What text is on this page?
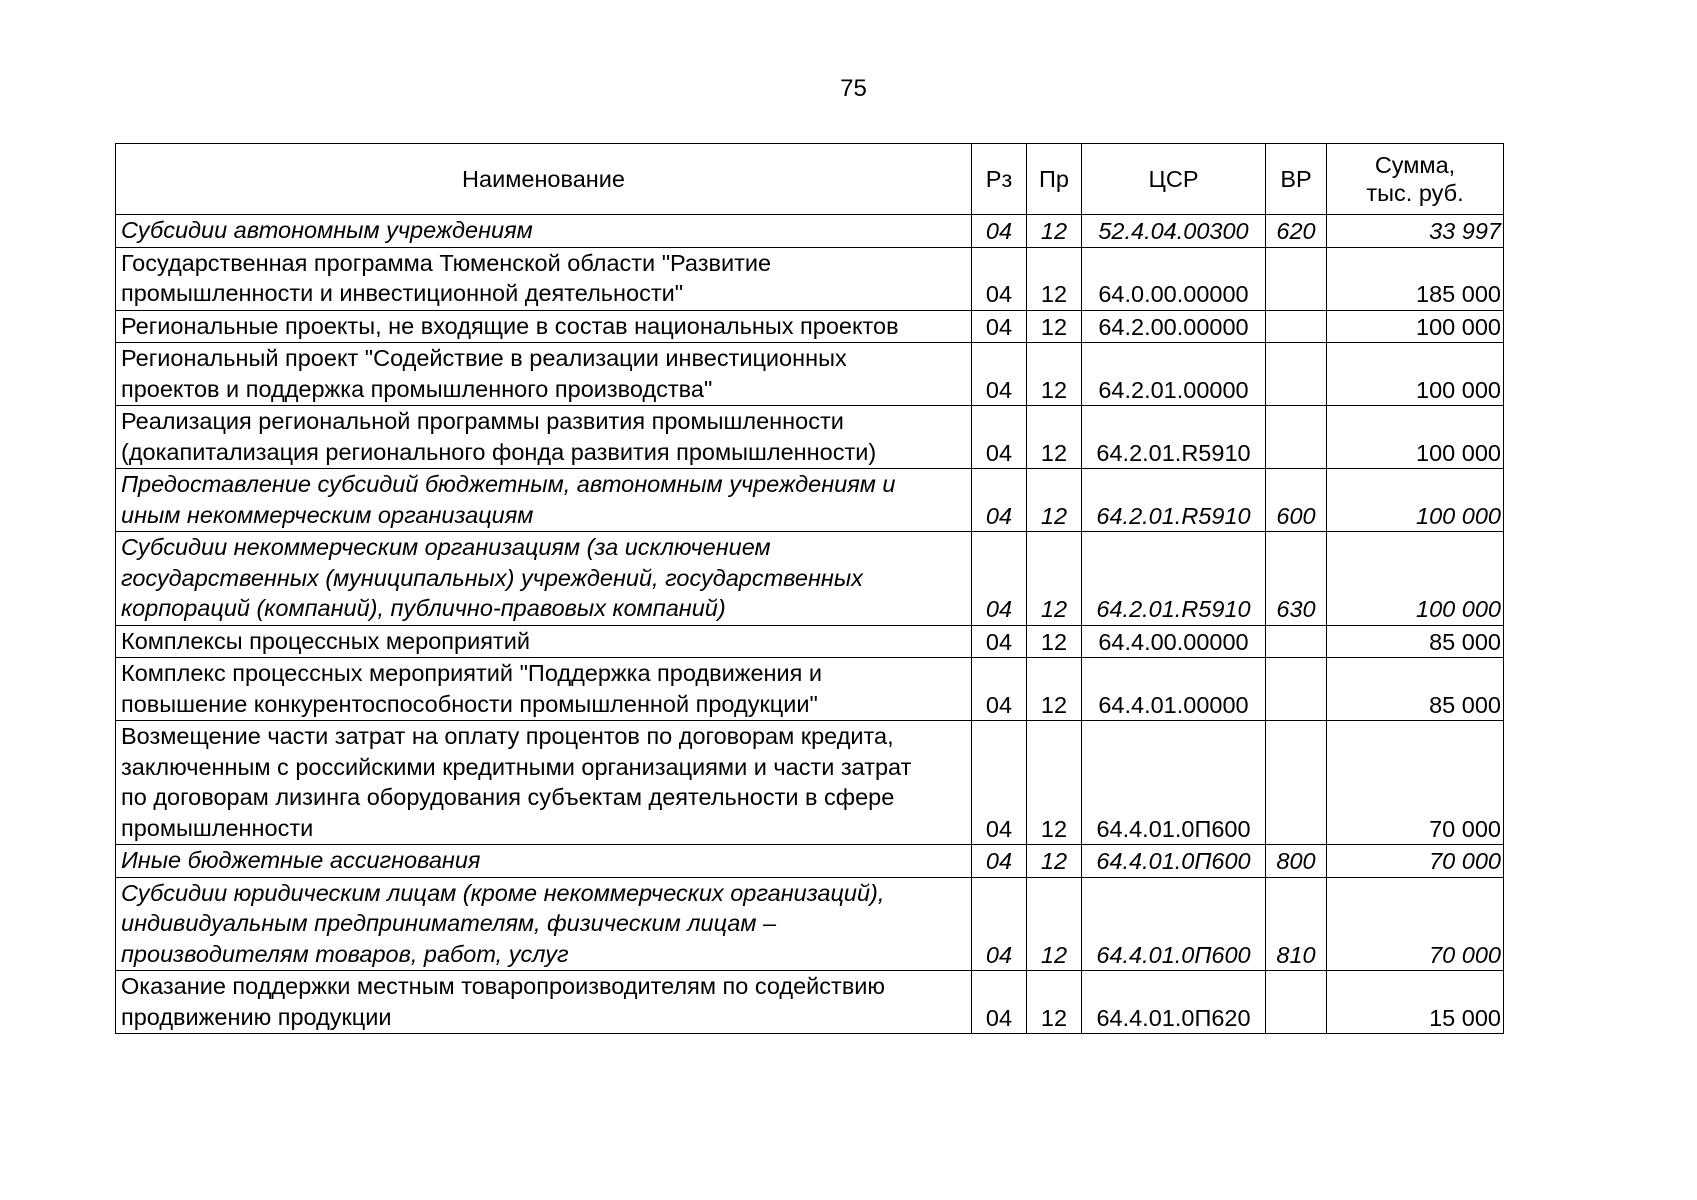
75
Наименование	Рз	Пр	ЦСР	ВР	Сумма,
тыс. руб.
Субсидии автономным учреждениям	04	12	52.4.04.00300	620	33 997
Государственная программа Тюменской области "Развитие
промышленности и инвестиционной деятельности"	04	12	64.0.00.00000		185 000
Региональные проекты, не входящие в состав национальных проектов	04	12	64.2.00.00000		100 000
Региональный проект "Содействие в реализации инвестиционных
проектов и поддержка промышленного производства"	04	12	64.2.01.00000		100 000
Реализация региональной программы развития промышленности
(докапитализация регионального фонда развития промышленности)	04	12	64.2.01.R5910		100 000
Предоставление субсидий бюджетным, автономным учреждениям и
иным некоммерческим организациям	04	12	64.2.01.R5910	600	100 000
Субсидии некоммерческим организациям (за исключением
государственных (муниципальных) учреждений, государственных
корпораций (компаний), публично-правовых компаний)	04	12	64.2.01.R5910	630	100 000
Комплексы процессных мероприятий	04	12	64.4.00.00000		85 000
Комплекс процессных мероприятий "Поддержка продвижения и
повышение конкурентоспособности промышленной продукции"	04	12	64.4.01.00000		85 000
Возмещение части затрат на оплату процентов по договорам кредита,
заключенным с российскими кредитными организациями и части затрат
по договорам лизинга оборудования субъектам деятельности в сфере
промышленности	04	12	64.4.01.0П600		70 000
Иные бюджетные ассигнования	04	12	64.4.01.0П600	800	70 000
Субсидии юридическим лицам (кроме некоммерческих организаций),
индивидуальным предпринимателям, физическим лицам –
производителям товаров, работ, услуг	04	12	64.4.01.0П600	810	70 000
Оказание поддержки местным товаропроизводителям по содействию
продвижению продукции	04	12	64.4.01.0П620		15 000
